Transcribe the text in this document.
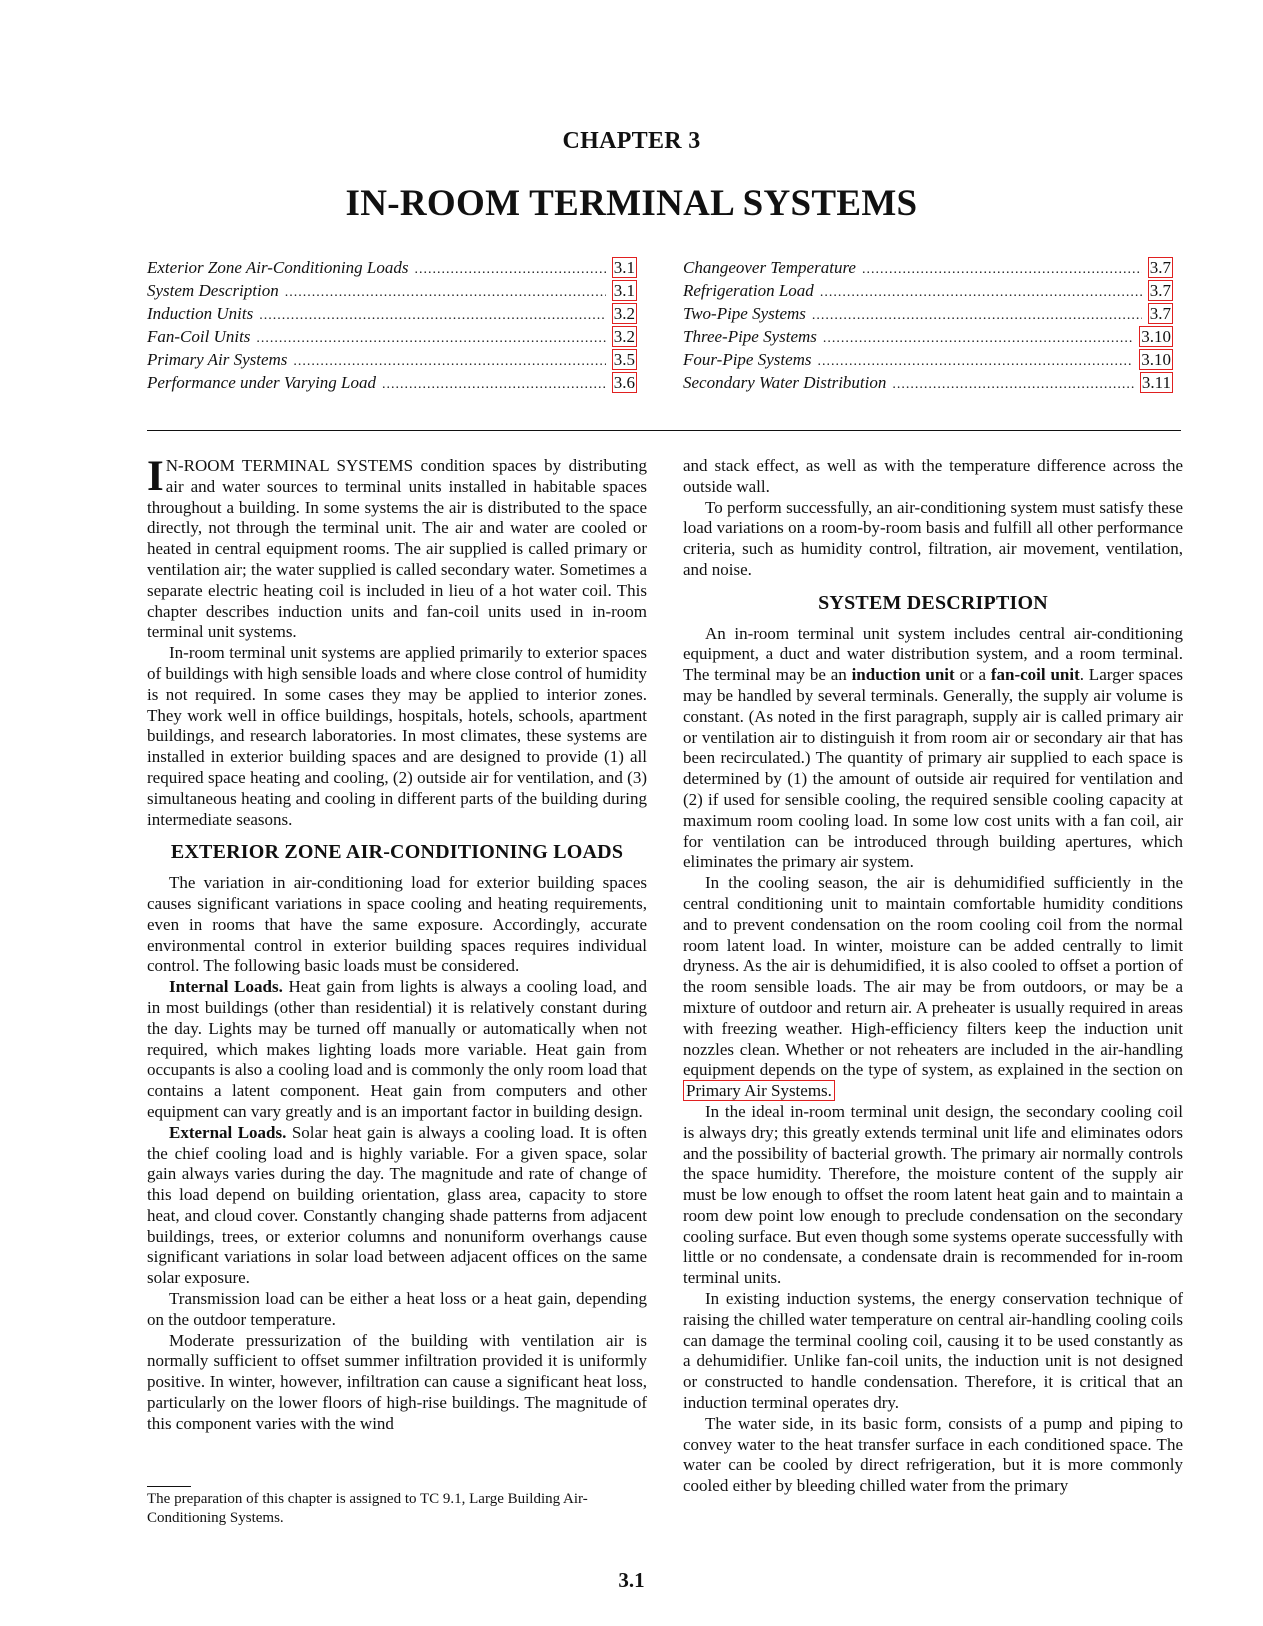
CHAPTER 3
IN-ROOM TERMINAL SYSTEMS
Exterior Zone Air-Conditioning Loads .....	3.1
System Description .....	3.1
Induction Units .....	3.2
Fan-Coil Units .....	3.2
Primary Air Systems .....	3.5
Performance under Varying Load .....	3.6
Changeover Temperature .....	3.7
Refrigeration Load .....	3.7
Two-Pipe Systems .....	3.7
Three-Pipe Systems .....	3.10
Four-Pipe Systems .....	3.10
Secondary Water Distribution .....	3.11

I N-ROOM TERMINAL SYSTEMS condition spaces by distributing air and water sources to terminal units installed in habitable spaces throughout a building. In some systems the air is distributed to the space directly, not through the terminal unit. The air and water are cooled or heated in central equipment rooms. The air supplied is called primary or ventilation air; the water supplied is called secondary water. Sometimes a separate electric heating coil is included in lieu of a hot water coil. This chapter describes induction units and fan-coil units used in in-room terminal unit systems.

In-room terminal unit systems are applied primarily to exterior spaces of buildings with high sensible loads and where close control of humidity is not required. In some cases they may be applied to interior zones. They work well in office buildings, hospitals, hotels, schools, apartment buildings, and research laboratories. In most climates, these systems are installed in exterior building spaces and are designed to provide (1) all required space heating and cooling, (2) outside air for ventilation, and (3) simultaneous heating and cooling in different parts of the building during intermediate seasons.

EXTERIOR ZONE AIR-CONDITIONING LOADS

The variation in air-conditioning load for exterior building spaces causes significant variations in space cooling and heating requirements, even in rooms that have the same exposure. Accordingly, accurate environmental control in exterior building spaces requires individual control. The following basic loads must be considered.

Internal Loads. Heat gain from lights is always a cooling load, and in most buildings (other than residential) it is relatively constant during the day. Lights may be turned off manually or automatically when not required, which makes lighting loads more variable. Heat gain from occupants is also a cooling load and is commonly the only room load that contains a latent component. Heat gain from computers and other equipment can vary greatly and is an important factor in building design.

External Loads. Solar heat gain is always a cooling load. It is often the chief cooling load and is highly variable. For a given space, solar gain always varies during the day. The magnitude and rate of change of this load depend on building orientation, glass area, capacity to store heat, and cloud cover. Constantly changing shade patterns from adjacent buildings, trees, or exterior columns and nonuniform overhangs cause significant variations in solar load between adjacent offices on the same solar exposure.

Transmission load can be either a heat loss or a heat gain, depending on the outdoor temperature.

Moderate pressurization of the building with ventilation air is normally sufficient to offset summer infiltration provided it is uniformly positive. In winter, however, infiltration can cause a significant heat loss, particularly on the lower floors of high-rise buildings. The magnitude of this component varies with the wind

and stack effect, as well as with the temperature difference across the outside wall.

To perform successfully, an air-conditioning system must satisfy these load variations on a room-by-room basis and fulfill all other performance criteria, such as humidity control, filtration, air movement, ventilation, and noise.

SYSTEM DESCRIPTION

An in-room terminal unit system includes central air-conditioning equipment, a duct and water distribution system, and a room terminal. The terminal may be an induction unit or a fan-coil unit. Larger spaces may be handled by several terminals. Generally, the supply air volume is constant. (As noted in the first paragraph, supply air is called primary air or ventilation air to distinguish it from room air or secondary air that has been recirculated.) The quantity of primary air supplied to each space is determined by (1) the amount of outside air required for ventilation and (2) if used for sensible cooling, the required sensible cooling capacity at maximum room cooling load. In some low cost units with a fan coil, air for ventilation can be introduced through building apertures, which eliminates the primary air system.

In the cooling season, the air is dehumidified sufficiently in the central conditioning unit to maintain comfortable humidity conditions and to prevent condensation on the room cooling coil from the normal room latent load. In winter, moisture can be added centrally to limit dryness. As the air is dehumidified, it is also cooled to offset a portion of the room sensible loads. The air may be from outdoors, or may be a mixture of outdoor and return air. A preheater is usually required in areas with freezing weather. High-efficiency filters keep the induction unit nozzles clean. Whether or not reheaters are included in the air-handling equipment depends on the type of system, as explained in the section on Primary Air Systems.

In the ideal in-room terminal unit design, the secondary cooling coil is always dry; this greatly extends terminal unit life and eliminates odors and the possibility of bacterial growth. The primary air normally controls the space humidity. Therefore, the moisture content of the supply air must be low enough to offset the room latent heat gain and to maintain a room dew point low enough to preclude condensation on the secondary cooling surface. But even though some systems operate successfully with little or no condensate, a condensate drain is recommended for in-room terminal units.

In existing induction systems, the energy conservation technique of raising the chilled water temperature on central air-handling cooling coils can damage the terminal cooling coil, causing it to be used constantly as a dehumidifier. Unlike fan-coil units, the induction unit is not designed or constructed to handle condensation. Therefore, it is critical that an induction terminal operates dry.

The water side, in its basic form, consists of a pump and piping to convey water to the heat transfer surface in each conditioned space. The water can be cooled by direct refrigeration, but it is more commonly cooled either by bleeding chilled water from the primary

The preparation of this chapter is assigned to TC 9.1, Large Building Air-Conditioning Systems.
3.1
